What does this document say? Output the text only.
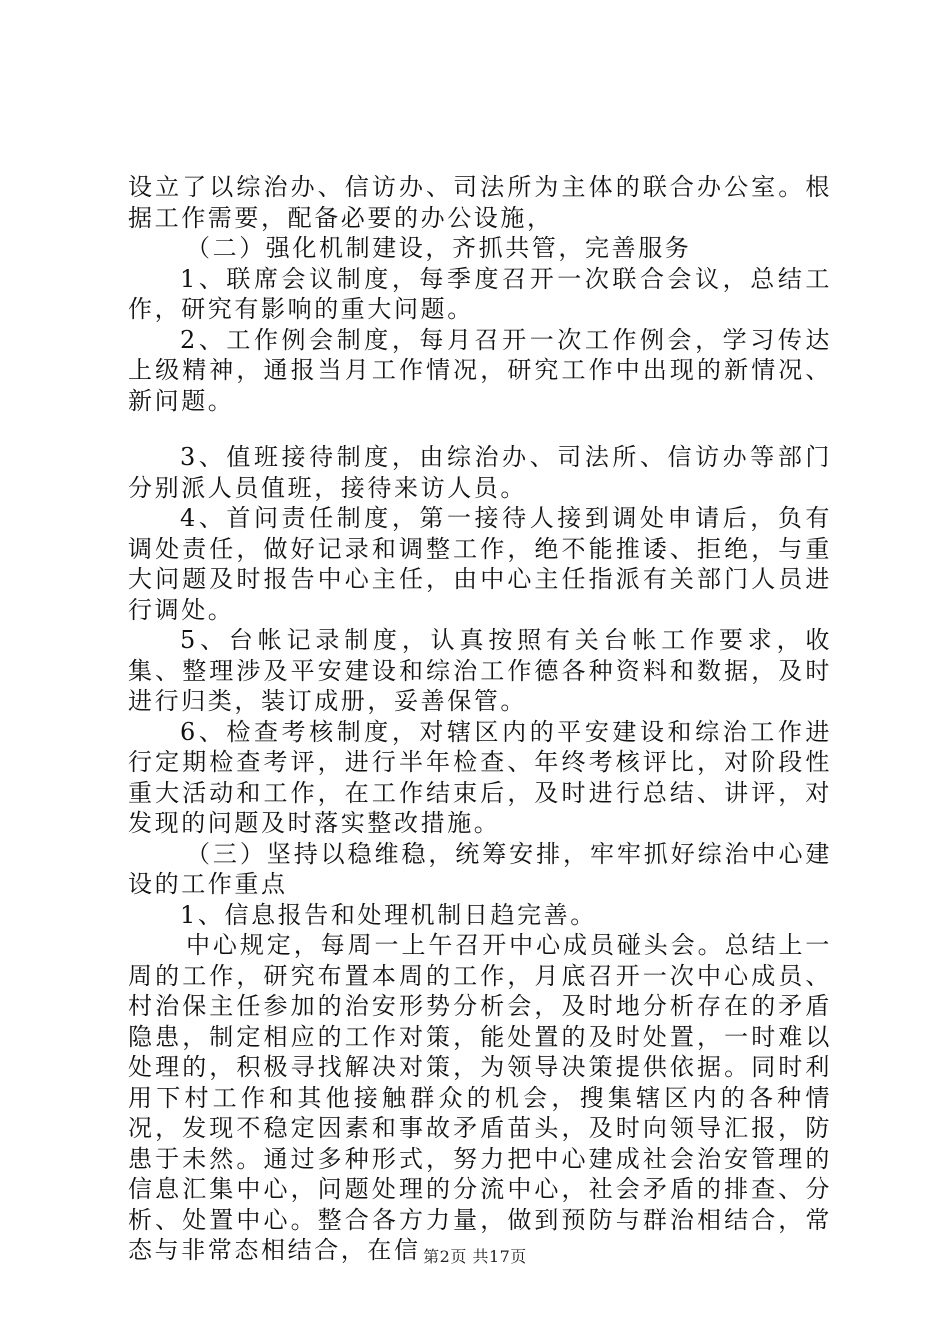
设立了以综治办、信访办、司法所为主体的联合办公室。根据工作需要，配备必要的办公设施，

（二）强化机制建设，齐抓共管，完善服务

1、联席会议制度，每季度召开一次联合会议，总结工作，研究有影响的重大问题。

2、工作例会制度，每月召开一次工作例会，学习传达上级精神，通报当月工作情况，研究工作中出现的新情况、新问题。

3、值班接待制度，由综治办、司法所、信访办等部门分别派人员值班，接待来访人员。

4、首问责任制度，第一接待人接到调处申请后，负有调处责任，做好记录和调整工作，绝不能推诿、拒绝，与重大问题及时报告中心主任，由中心主任指派有关部门人员进行调处。

5、台帐记录制度，认真按照有关台帐工作要求，收集、整理涉及平安建设和综治工作德各种资料和数据，及时进行归类，装订成册，妥善保管。

6、检查考核制度，对辖区内的平安建设和综治工作进行定期检查考评，进行半年检查、年终考核评比，对阶段性重大活动和工作，在工作结束后，及时进行总结、讲评，对发现的问题及时落实整改措施。

（三）坚持以稳维稳，统筹安排，牢牢抓好综治中心建设的工作重点

1、信息报告和处理机制日趋完善。

中心规定，每周一上午召开中心成员碰头会。总结上一周的工作，研究布置本周的工作，月底召开一次中心成员、村治保主任参加的治安形势分析会，及时地分析存在的矛盾隐患，制定相应的工作对策，能处置的及时处置，一时难以处理的，积极寻找解决对策，为领导决策提供依据。同时利用下村工作和其他接触群众的机会，搜集辖区内的各种情况，发现不稳定因素和事故矛盾苗头，及时向领导汇报，防患于未然。通过多种形式，努力把中心建成社会治安管理的信息汇集中心，问题处理的分流中心，社会矛盾的排查、分析、处置中心。整合各方力量，做到预防与群治相结合，常态与非常态相结合，在信 第2页 共17页
